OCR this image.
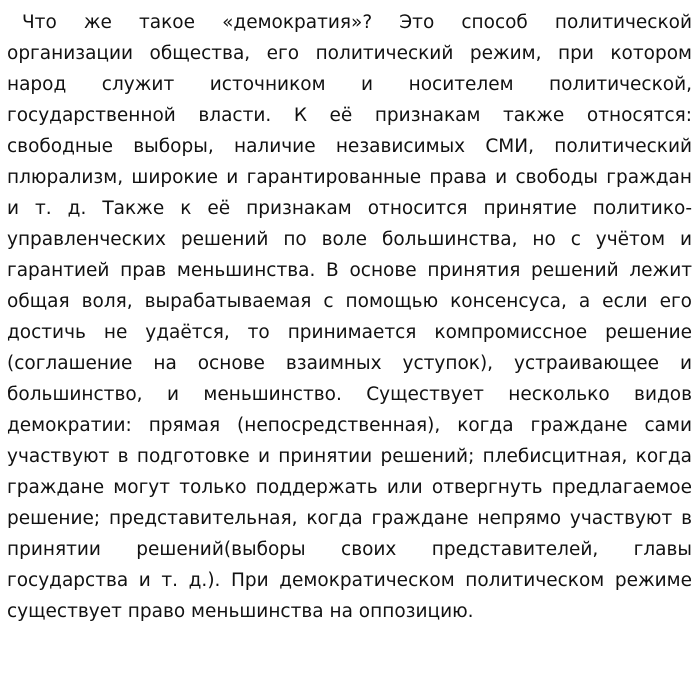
Что же такое «демократия»? Это способ политической организации общества, его политический режим, при котором народ служит источником и носителем политической, государственной власти. К её признакам также относятся: свободные выборы, наличие независимых СМИ, политический плюрализм, широкие и гарантированные права и свободы граждан и т. д. Также к её признакам относится принятие политико-управленческих решений по воле большинства, но с учётом и гарантией прав меньшинства. В основе принятия решений лежит общая воля, вырабатываемая с помощью консенсуса, а если его достичь не удаётся, то принимается компромиссное решение (соглашение на основе взаимных уступок), устраивающее и большинство, и меньшинство. Существует несколько видов демократии: прямая (непосредственная), когда граждане сами участвуют в подготовке и принятии решений; плебисцитная, когда граждане могут только поддержать или отвергнуть предлагаемое решение; представительная, когда граждане непрямо участвуют в принятии решений(выборы своих представителей, главы государства и т. д.). При демократическом политическом режиме существует право меньшинства на оппозицию.
